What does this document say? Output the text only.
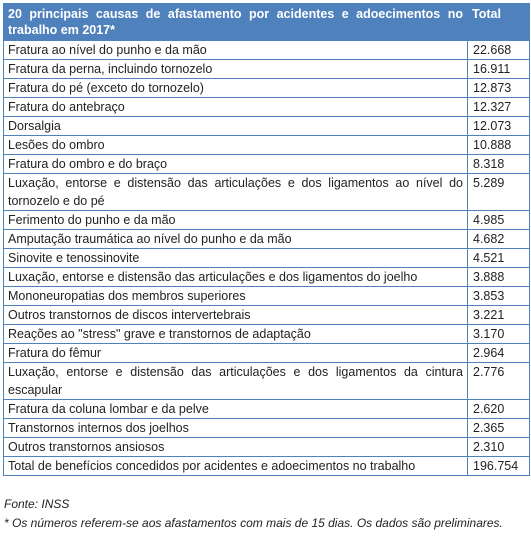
20 principais causas de afastamento por acidentes e adoecimentos no trabalho em 2017*	Total
Fratura ao nível do punho e da mão	22.668
Fratura da perna, incluindo tornozelo	16.911
Fratura do pé (exceto do tornozelo)	12.873
Fratura do antebraço	12.327
Dorsalgia	12.073
Lesões do ombro	10.888
Fratura do ombro e do braço	8.318
Luxação, entorse e distensão das articulações e dos ligamentos ao nível do tornozelo e do pé	5.289
Ferimento do punho e da mão	4.985
Amputação traumática ao nível do punho e da mão	4.682
Sinovite e tenossinovite	4.521
Luxação, entorse e distensão das articulações e dos ligamentos do joelho	3.888
Mononeuropatias dos membros superiores	3.853
Outros transtornos de discos intervertebrais	3.221
Reações ao "stress" grave e transtornos de adaptação	3.170
Fratura do fêmur	2.964
Luxação, entorse e distensão das articulações e dos ligamentos da cintura escapular	2.776
Fratura da coluna lombar e da pelve	2.620
Transtornos internos dos joelhos	2.365
Outros transtornos ansiosos	2.310
Total de benefícios concedidos por acidentes e adoecimentos no trabalho	196.754

Fonte: INSS

* Os números referem-se aos afastamentos com mais de 15 dias. Os dados são preliminares.
